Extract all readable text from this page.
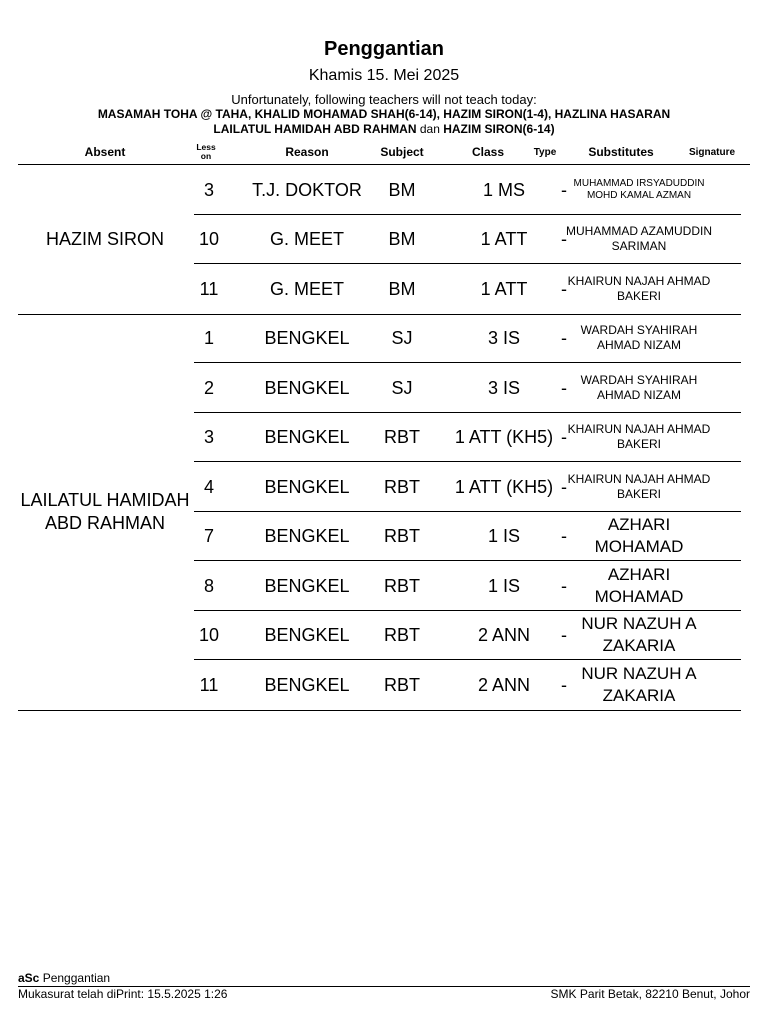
Penggantian
Khamis 15. Mei 2025
Unfortunately, following teachers will not teach today:
MASAMAH TOHA @ TAHA, KHALID MOHAMAD SHAH(6-14), HAZIM SIRON(1-4), HAZLINA HASARAN
LAILATUL HAMIDAH ABD RAHMAN dan HAZIM SIRON(6-14)
Absent	Less on	Reason	Subject	Class	Type	Substitutes	Signature
HAZIM SIRON
3	T.J. DOKTOR	BM	1 MS	- MUHAMMAD IRSYADUDDIN MOHD KAMAL AZMAN
10	G. MEET	BM	1 ATT	- MUHAMMAD AZAMUDDIN SARIMAN
11	G. MEET	BM	1 ATT	- KHAIRUN NAJAH AHMAD BAKERI
LAILATUL HAMIDAH ABD RAHMAN
1	BENGKEL	SJ	3 IS	-	WARDAH SYAHIRAH AHMAD NIZAM
2	BENGKEL	SJ	3 IS	-	WARDAH SYAHIRAH AHMAD NIZAM
3	BENGKEL	RBT	1 ATT (KH5) - KHAIRUN NAJAH AHMAD BAKERI
4	BENGKEL	RBT	1 ATT (KH5) - KHAIRUN NAJAH AHMAD BAKERI
7	BENGKEL	RBT	1 IS	-
AZHARI MOHAMAD
8	BENGKEL	RBT	1 IS	-
AZHARI MOHAMAD
10	BENGKEL	RBT	2 ANN	-
NUR NAZUH A ZAKARIA
11	BENGKEL	RBT	2 ANN	-
NUR NAZUH A ZAKARIA
aSc Penggantian
Mukasurat telah diPrint: 15.5.2025 1:26	SMK Parit Betak, 82210 Benut, Johor
